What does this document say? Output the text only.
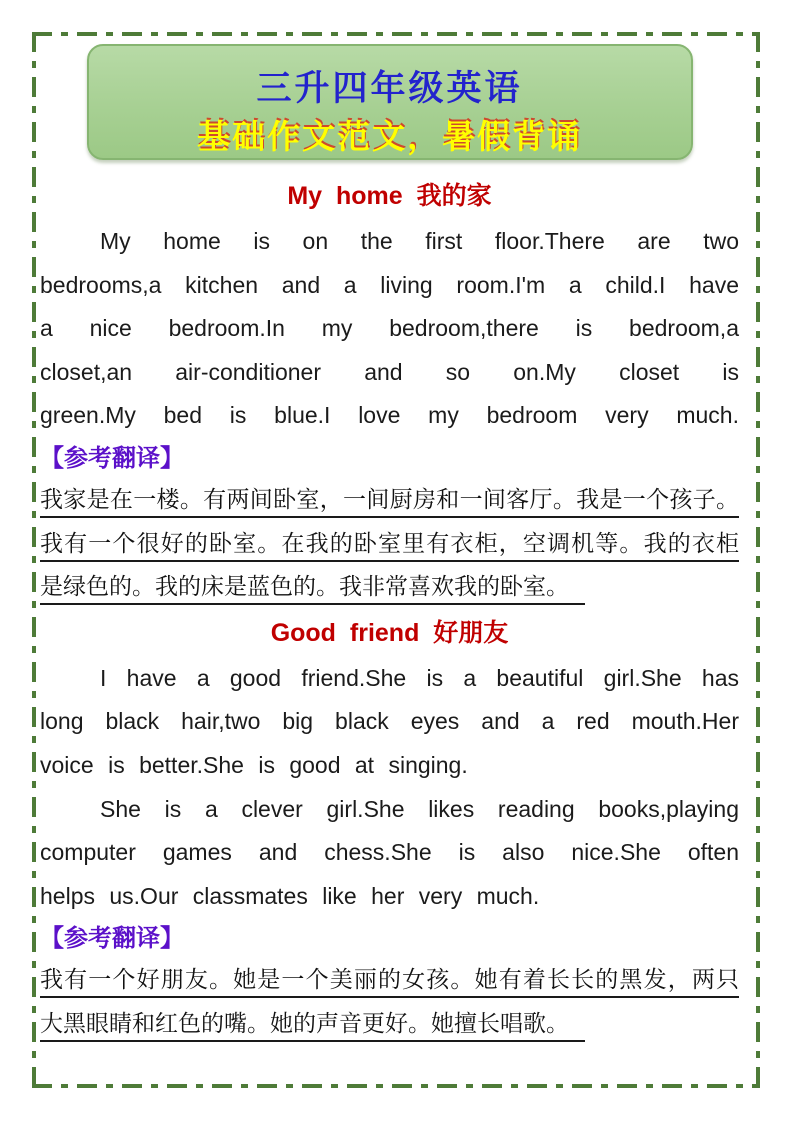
三升四年级英语
基础作文范文，暑假背诵
My home 我的家
My home is on the first floor.There are two
bedrooms,a kitchen and a living room.I'm a child.I have
a nice bedroom.In my bedroom,there is bedroom,a
closet,an air-conditioner and so on.My closet is
green.My bed is blue.I love my bedroom very much.
【参考翻译】
我家是在一楼。有两间卧室，一间厨房和一间客厅。我是一个孩子。
我有一个很好的卧室。在我的卧室里有衣柜，空调机等。我的衣柜
是绿色的。我的床是蓝色的。我非常喜欢我的卧室。
Good friend 好朋友
I have a good friend.She is a beautiful girl.She has
long black hair,two big black eyes and a red mouth.Her
voice is better.She is good at singing.
She is a clever girl.She likes reading books,playing
computer games and chess.She is also nice.She often
helps us.Our classmates like her very much.
【参考翻译】
我有一个好朋友。她是一个美丽的女孩。她有着长长的黑发，两只
大黑眼睛和红色的嘴。她的声音更好。她擅长唱歌。
